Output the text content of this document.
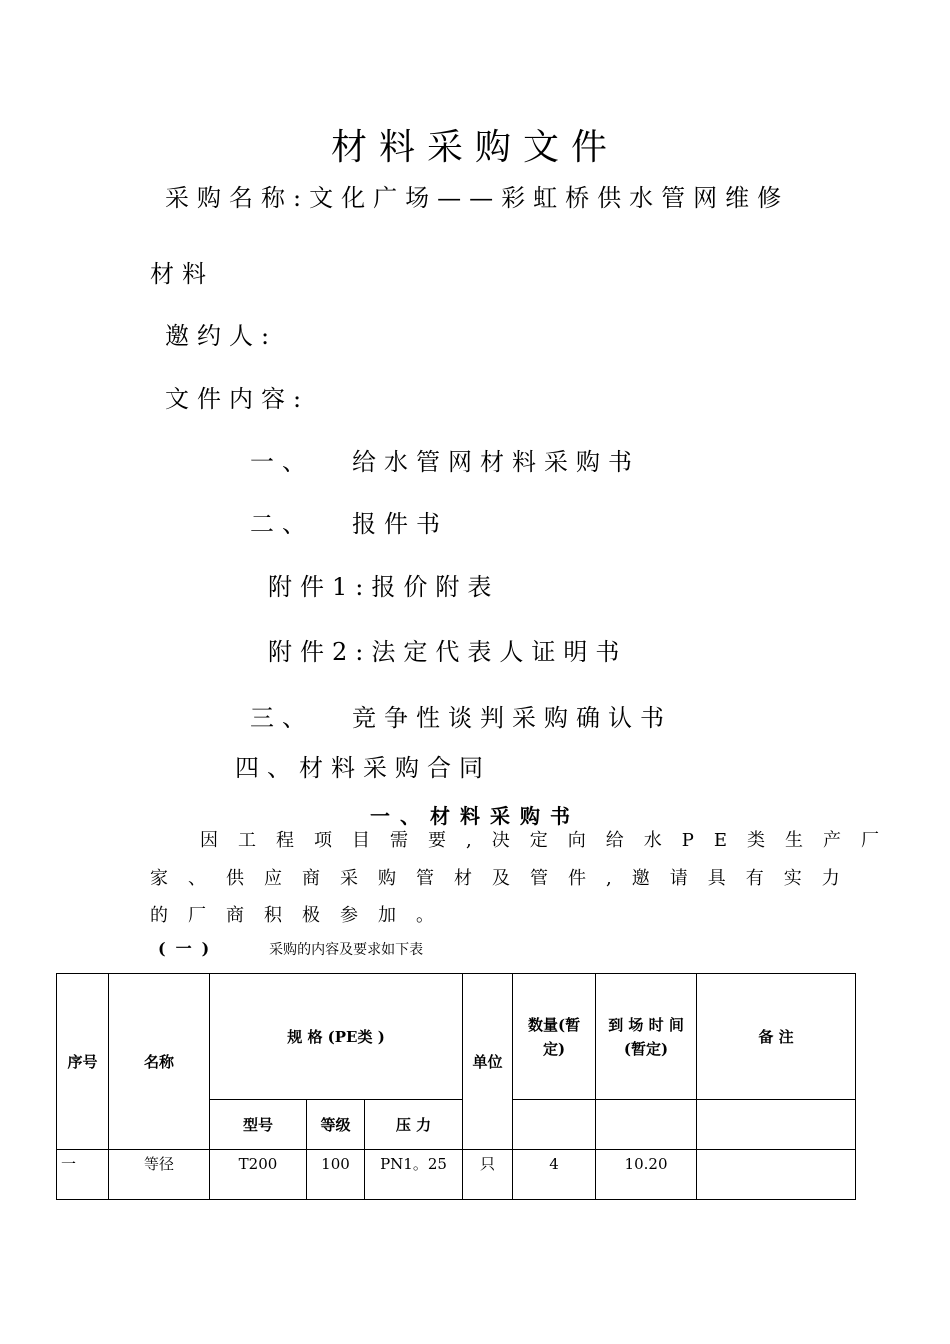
材料采购文件
采购名称:文化广场——彩虹桥供水管网维修
材料
邀约人:
文件内容:
一、 给水管网材料采购书
二、 报件书
附件1:报价附表
附件2:法定代表人证明书
三、 竞争性谈判采购确认书
四、材料采购合同
一、材料采购书
因工程项目需要,决定向给水PE类生产厂
家、供应商采购管材及管件,邀请具有实力
的厂商积极参加。
(一)	采购的内容及要求如下表
序号	名称	规 格 (PE类 )			单位	数量(暂定)	到 场 时 间 (暂定)	备 注
		型号	等级	压 力				
一	等径	T200	100	PN1。25	只	4	10.20	
